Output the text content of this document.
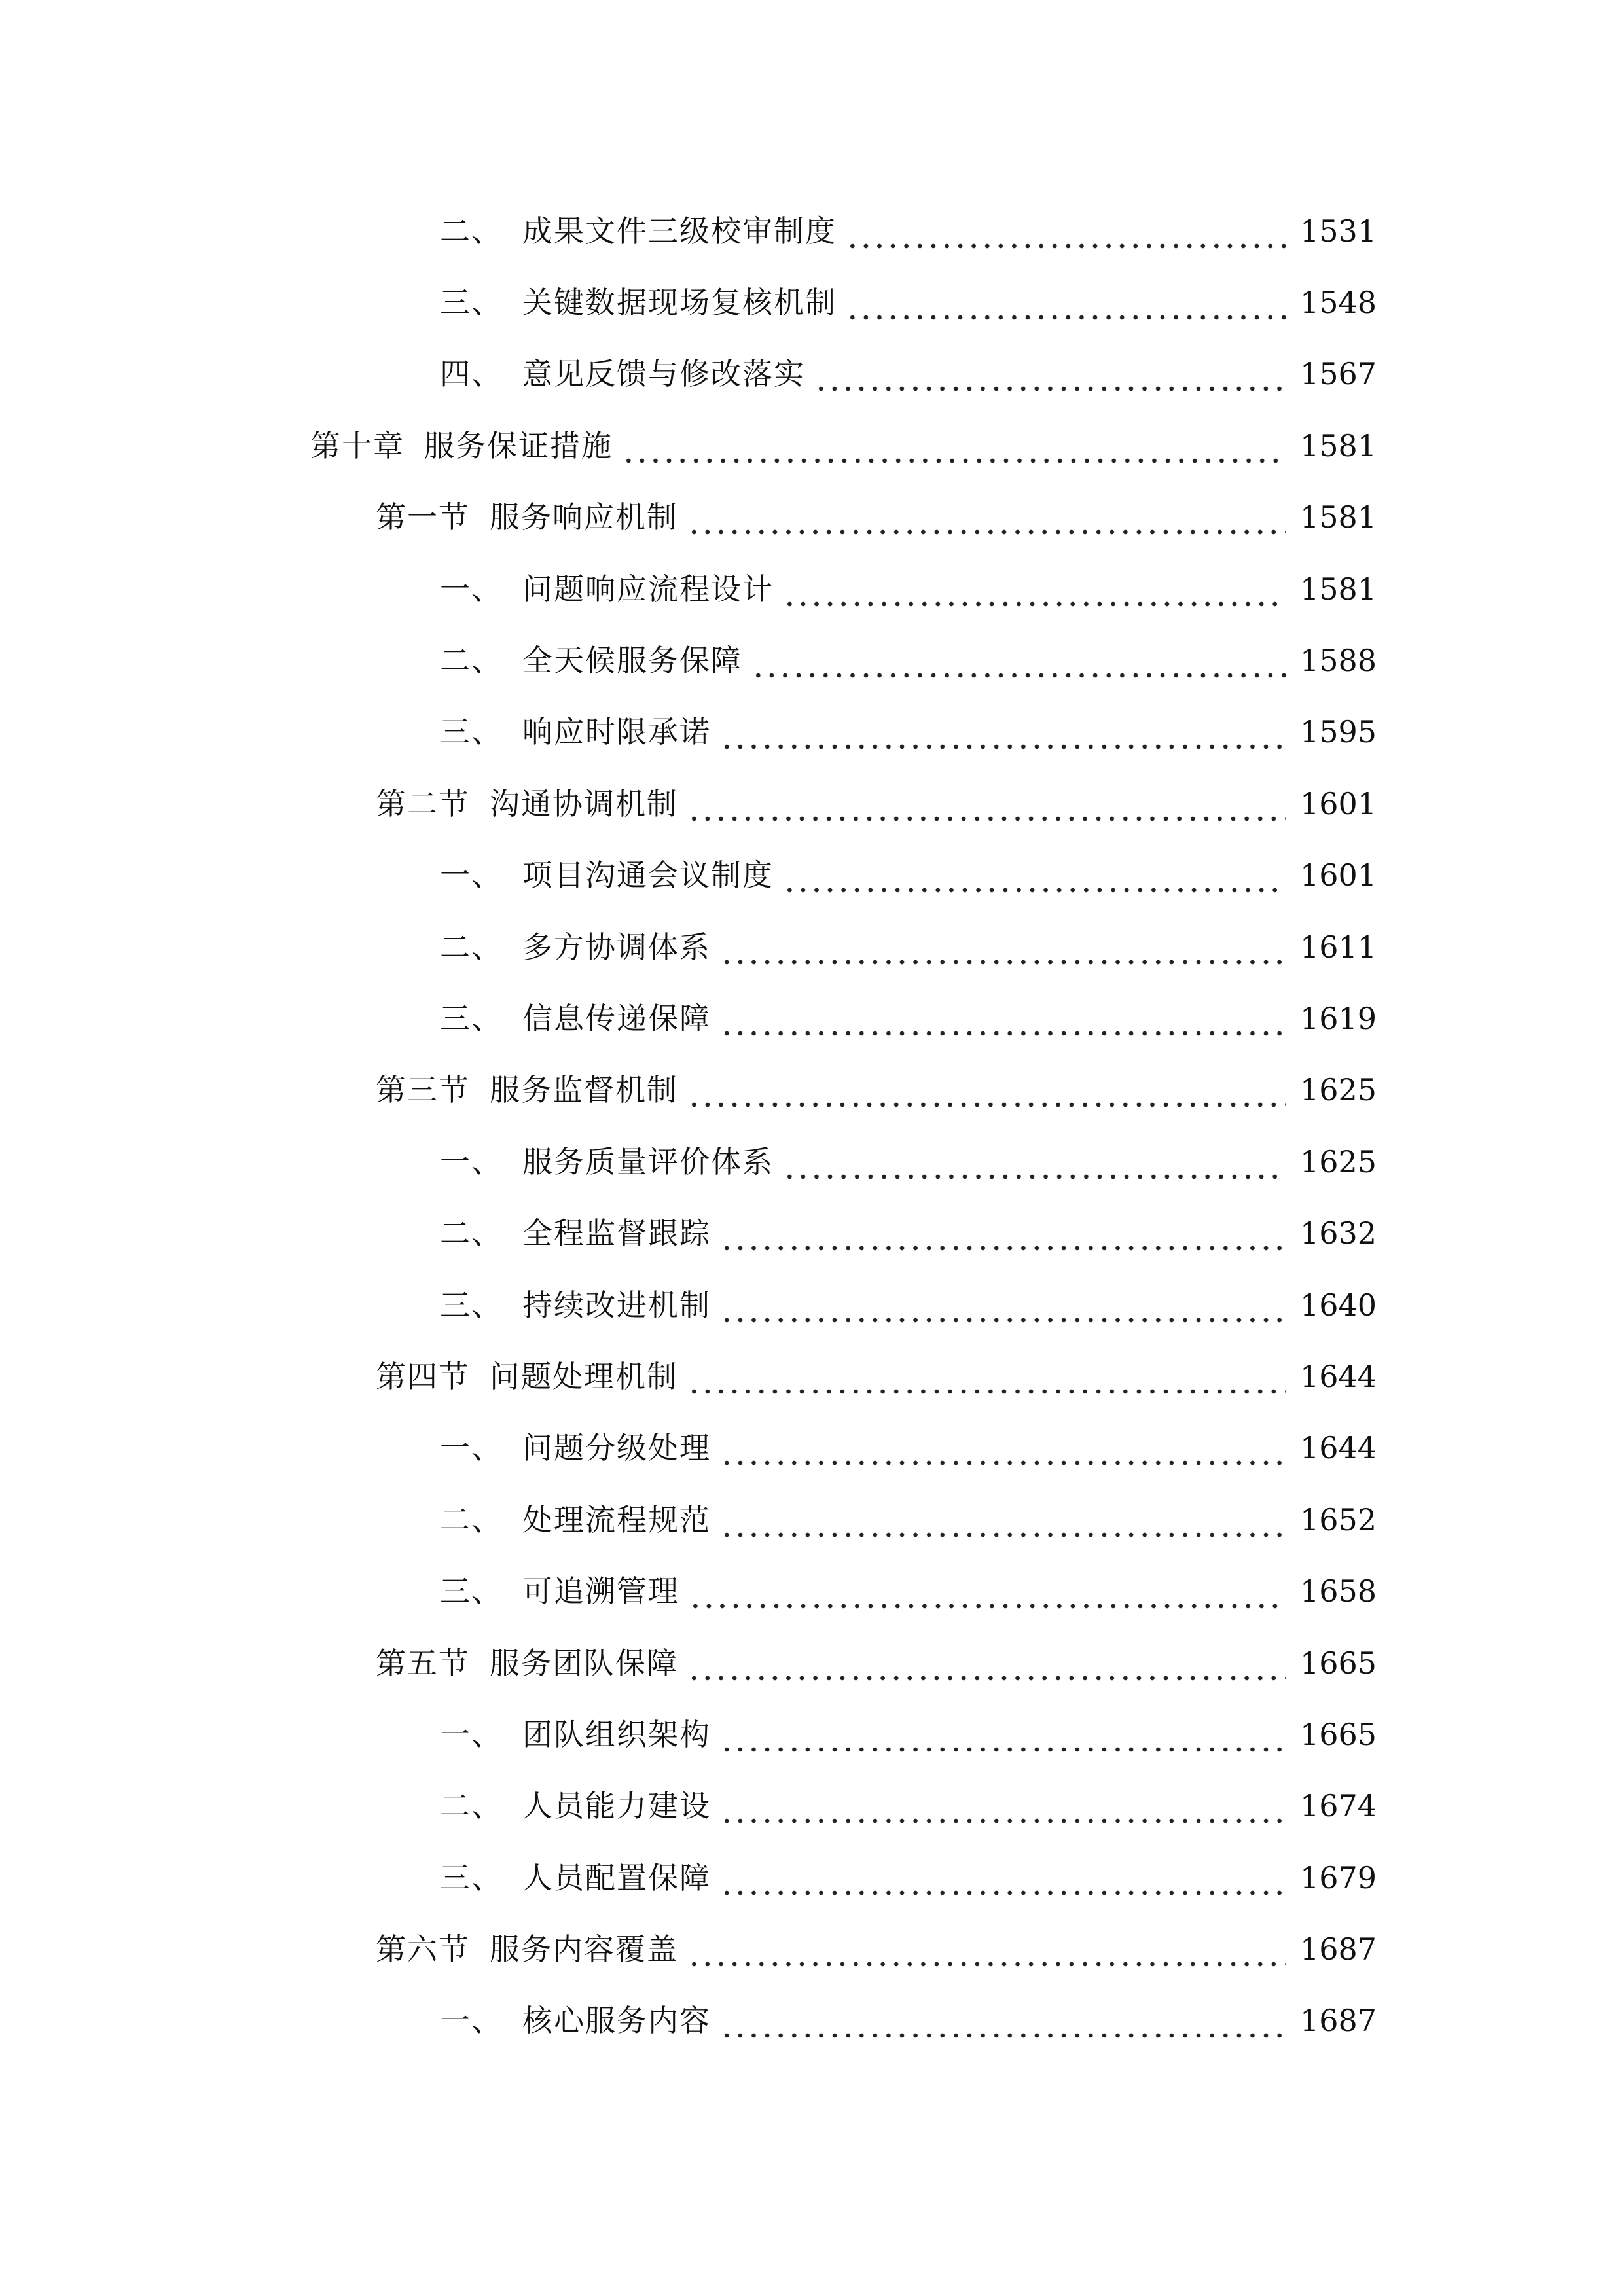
二、 成果文件三级校审制度	1531
三、 关键数据现场复核机制	1548
四、 意见反馈与修改落实	1567
第十章 服务保证措施	1581
第一节 服务响应机制	1581
一、 问题响应流程设计	1581
二、 全天候服务保障	1588
三、 响应时限承诺	1595
第二节 沟通协调机制	1601
一、 项目沟通会议制度	1601
二、 多方协调体系	1611
三、 信息传递保障	1619
第三节 服务监督机制	1625
一、 服务质量评价体系	1625
二、 全程监督跟踪	1632
三、 持续改进机制	1640
第四节 问题处理机制	1644
一、 问题分级处理	1644
二、 处理流程规范	1652
三、 可追溯管理	1658
第五节 服务团队保障	1665
一、 团队组织架构	1665
二、 人员能力建设	1674
三、 人员配置保障	1679
第六节 服务内容覆盖	1687
一、 核心服务内容	1687
